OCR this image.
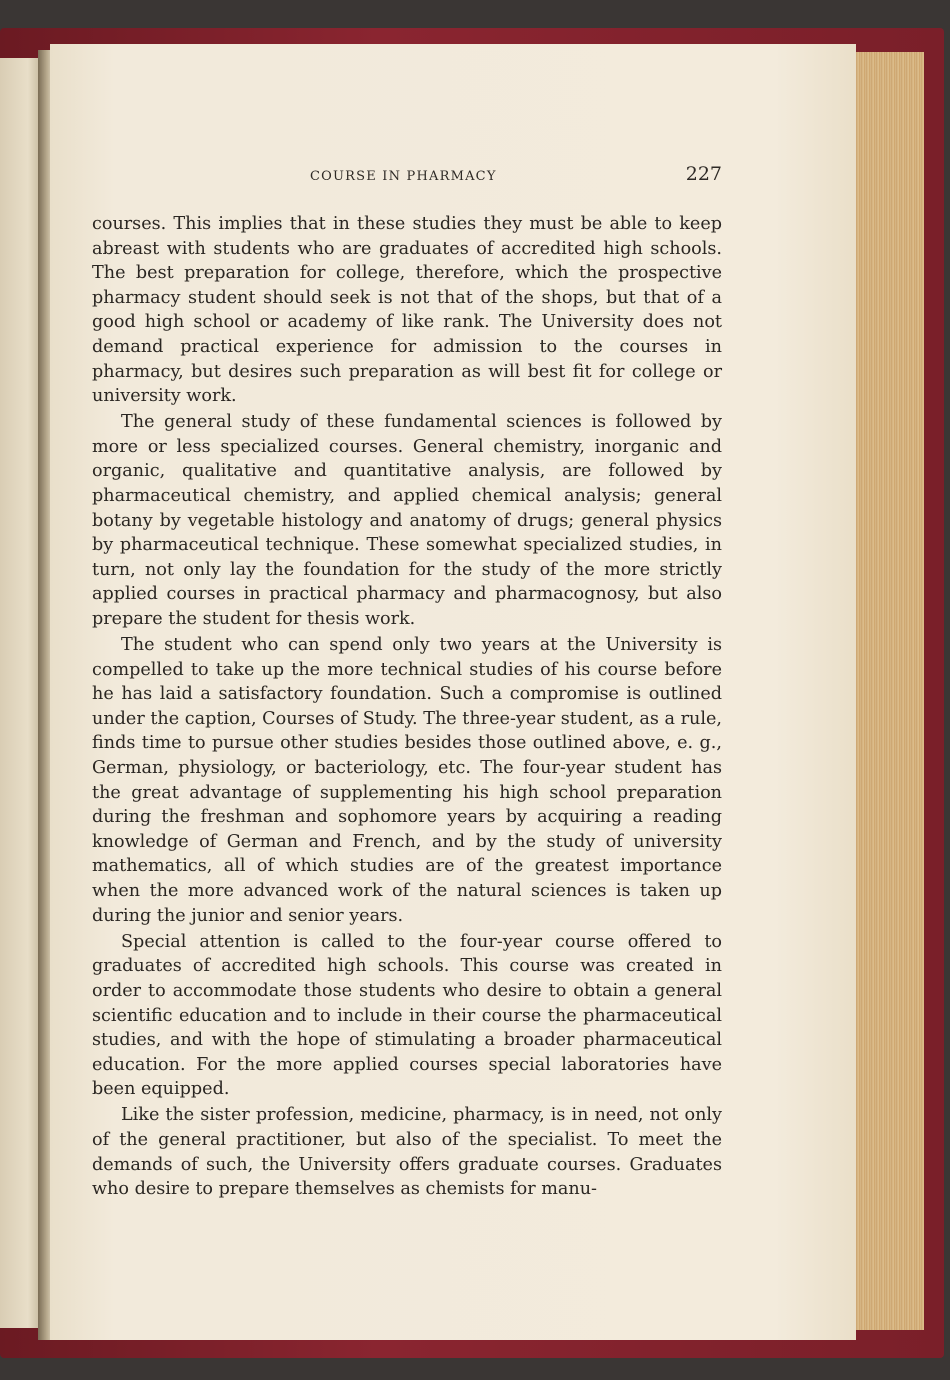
COURSE IN PHARMACY	227

courses. This implies that in these studies they must be able to keep abreast with students who are graduates of accredited high schools. The best preparation for college, therefore, which the prospective pharmacy student should seek is not that of the shops, but that of a good high school or academy of like rank. The University does not demand practical experience for admission to the courses in pharmacy, but desires such preparation as will best fit for college or university work.

The general study of these fundamental sciences is followed by more or less specialized courses. General chemistry, inorganic and organic, qualitative and quantitative analysis, are followed by pharmaceutical chemistry, and applied chemical analysis; general botany by vegetable histology and anatomy of drugs; general physics by pharmaceutical technique. These somewhat specialized studies, in turn, not only lay the foundation for the study of the more strictly applied courses in practical pharmacy and pharmacognosy, but also prepare the student for thesis work.

The student who can spend only two years at the University is compelled to take up the more technical studies of his course before he has laid a satisfactory foundation. Such a compromise is outlined under the caption, Courses of Study. The three-year student, as a rule, finds time to pursue other studies besides those outlined above, e. g., German, physiology, or bacteriology, etc. The four-year student has the great advantage of supplementing his high school preparation during the freshman and sophomore years by acquiring a reading knowledge of German and French, and by the study of university mathematics, all of which studies are of the greatest importance when the more advanced work of the natural sciences is taken up during the junior and senior years.

Special attention is called to the four-year course offered to graduates of accredited high schools. This course was created in order to accommodate those students who desire to obtain a general scientific education and to include in their course the pharmaceutical studies, and with the hope of stimulating a broader pharmaceutical education. For the more applied courses special laboratories have been equipped.

Like the sister profession, medicine, pharmacy, is in need, not only of the general practitioner, but also of the specialist. To meet the demands of such, the University offers graduate courses. Graduates who desire to prepare themselves as chemists for manu-
